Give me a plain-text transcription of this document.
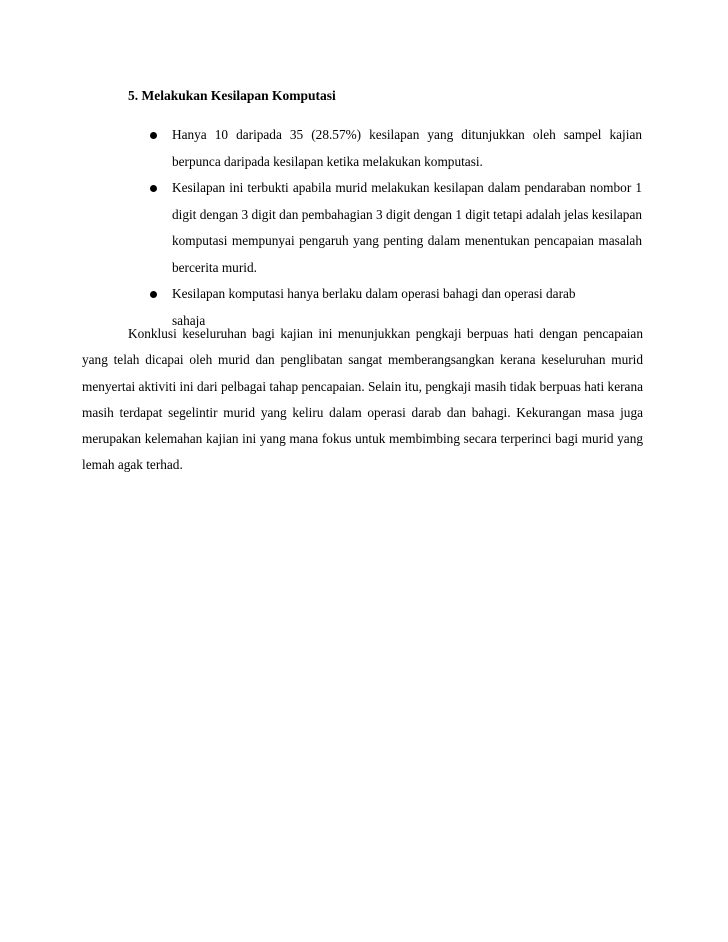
5. Melakukan Kesilapan Komputasi
Hanya 10 daripada 35 (28.57%) kesilapan yang ditunjukkan oleh sampel kajian berpunca daripada kesilapan ketika melakukan komputasi.
Kesilapan ini terbukti apabila murid melakukan kesilapan dalam pendaraban nombor 1 digit dengan 3 digit dan pembahagian 3 digit dengan 1 digit tetapi adalah jelas kesilapan komputasi mempunyai pengaruh yang penting dalam menentukan pencapaian masalah bercerita murid.
Kesilapan komputasi hanya berlaku dalam operasi bahagi dan operasi darab sahaja

Konklusi keseluruhan bagi kajian ini menunjukkan pengkaji berpuas hati dengan pencapaian yang telah dicapai oleh murid dan penglibatan sangat memberangsangkan kerana keseluruhan murid menyertai aktiviti ini dari pelbagai tahap pencapaian. Selain itu, pengkaji masih tidak berpuas hati kerana masih terdapat segelintir murid yang keliru dalam operasi darab dan bahagi. Kekurangan masa juga merupakan kelemahan kajian ini yang mana fokus untuk membimbing secara terperinci bagi murid yang lemah agak terhad.
